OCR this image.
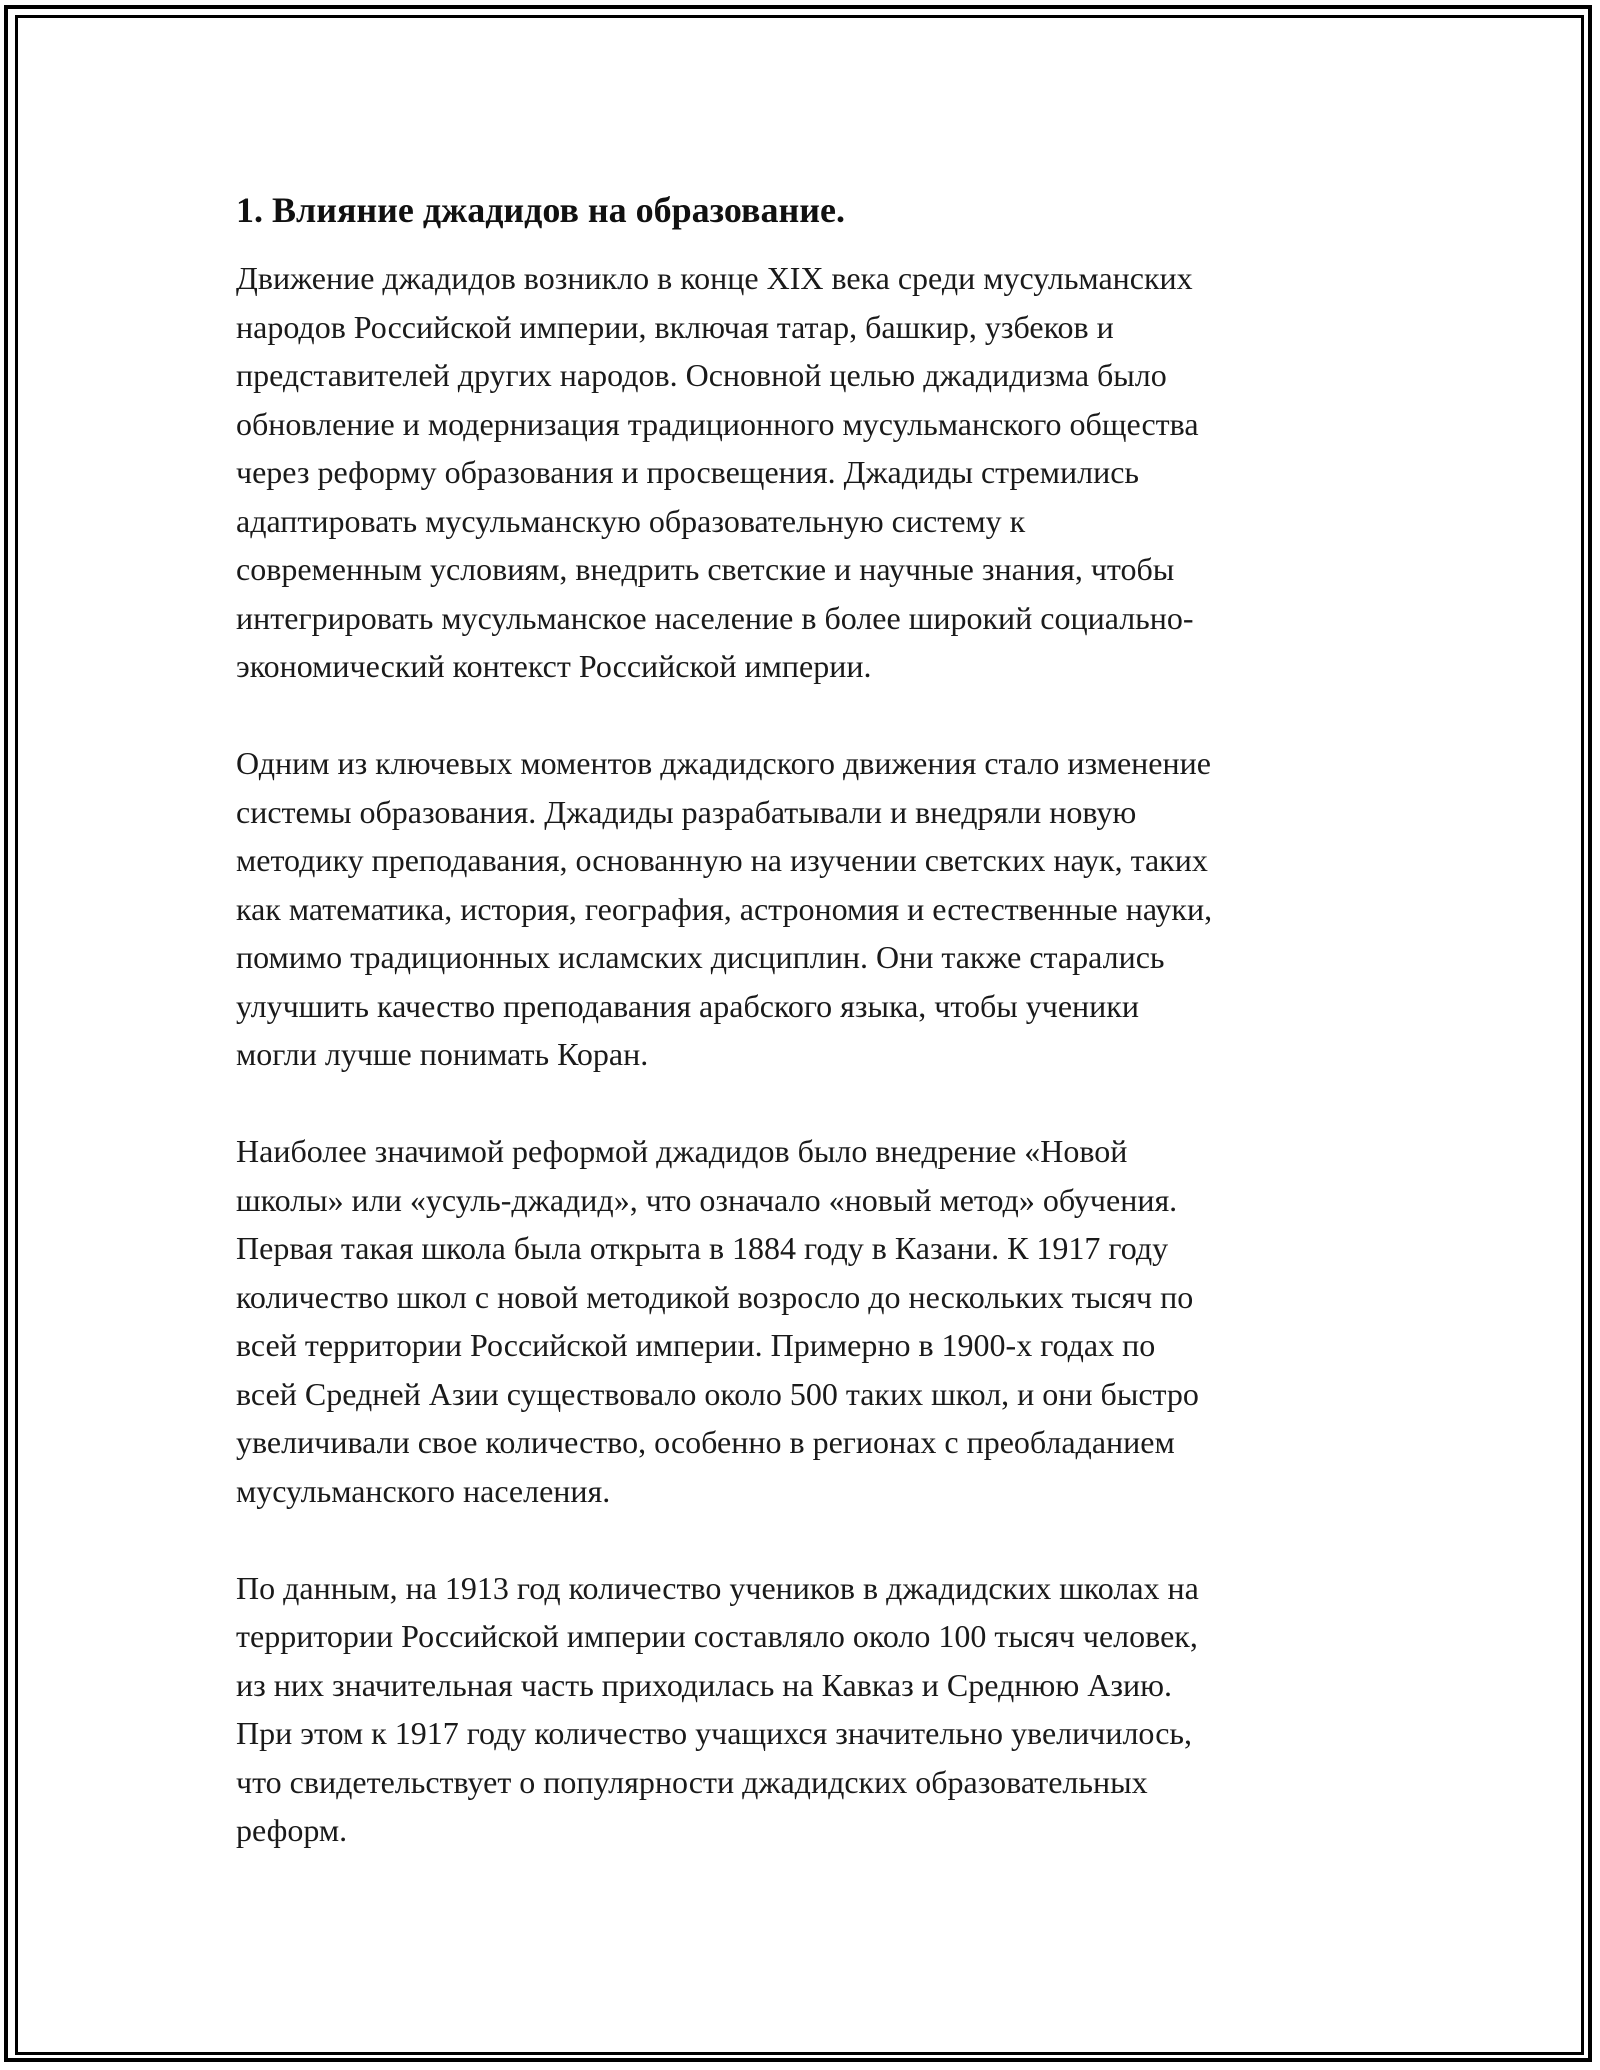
1. Влияние джадидов на образование.
Движение джадидов возникло в конце XIX века среди мусульманских
народов Российской империи, включая татар, башкир, узбеков и
представителей других народов. Основной целью джадидизма было
обновление и модернизация традиционного мусульманского общества
через реформу образования и просвещения. Джадиды стремились
адаптировать мусульманскую образовательную систему к
современным условиям, внедрить светские и научные знания, чтобы
интегрировать мусульманское население в более широкий социально-
экономический контекст Российской империи.
Одним из ключевых моментов джадидского движения стало изменение
системы образования. Джадиды разрабатывали и внедряли новую
методику преподавания, основанную на изучении светских наук, таких
как математика, история, география, астрономия и естественные науки,
помимо традиционных исламских дисциплин. Они также старались
улучшить качество преподавания арабского языка, чтобы ученики
могли лучше понимать Коран.
Наиболее значимой реформой джадидов было внедрение «Новой
школы» или «усуль-джадид», что означало «новый метод» обучения.
Первая такая школа была открыта в 1884 году в Казани. К 1917 году
количество школ с новой методикой возросло до нескольких тысяч по
всей территории Российской империи. Примерно в 1900-х годах по
всей Средней Азии существовало около 500 таких школ, и они быстро
увеличивали свое количество, особенно в регионах с преобладанием
мусульманского населения.
По данным, на 1913 год количество учеников в джадидских школах на
территории Российской империи составляло около 100 тысяч человек,
из них значительная часть приходилась на Кавказ и Среднюю Азию.
При этом к 1917 году количество учащихся значительно увеличилось,
что свидетельствует о популярности джадидских образовательных
реформ.
